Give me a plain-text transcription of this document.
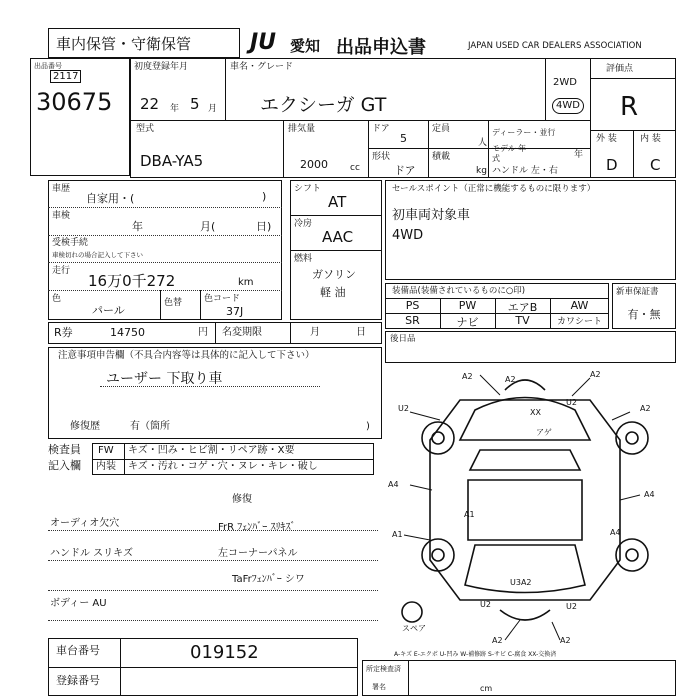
車内保管・守衛保管	JU 愛知 出品申込書	JAPAN USED CAR DEALERS ASSOCIATION
出品番号
2117
30675
初度登録年月
22 年 5 月
車名・グレード
エクシーガ GT
2WD
4WD
評価点
R
外 装	内 装
D C
型式
DBA-YA5
排気量
2000 cc
ドア
5
定員
人
ディーラー・並行
形状
ドア
積載
kg
モデル 年式	年
ハンドル 左・右
車歴
自家用・(	)
車検
年	月(	日)
受検手続
車検切れの場合記入して下さい
走行
16万0千272	km
色
パール
色替 色コード
37J
R券	14750	円 名変期限	月	日
シフト
AT
冷房
AAC
燃料
ガソリン
軽 油
セールスポイント（正常に機能するものに限ります）
初車両対象車
4WD
装備品(装備されているものに○印)
PS	PW	エアB	AW
SR	ナビ	TV	カワシート
新車保証書
有・無
後日品
注意事項申告欄（不具合内容等は具体的に記入して下さい）
ユーザー 下取り車
修復歴	有（箇所	)
検査員
記入欄
FW キズ・凹み・ヒビ割・リペア跡・X要
内装 キズ・汚れ・コゲ・穴・ヌレ・キレ・破し
オーディオ欠穴
ハンドル スリキズ
ボディー AU
修復
FrR ﾌｪﾝﾊﾞｰ ｽﾘｷｽﾞ
左コーナーパネル
TaFrﾌｪﾝﾊﾞｰ シワ
A2	A2
A2
U2	A2
U2
XX
アゲ
A4
A4
A4
A1
A1
U3A2
U2	U2
A2	A2
スペア
A-キズ E-エクボ U-凹み W-補修跡 S-サビ C-腐食 XX-交換済
車台番号	019152
登録番号
所定検査済
署名	cm
